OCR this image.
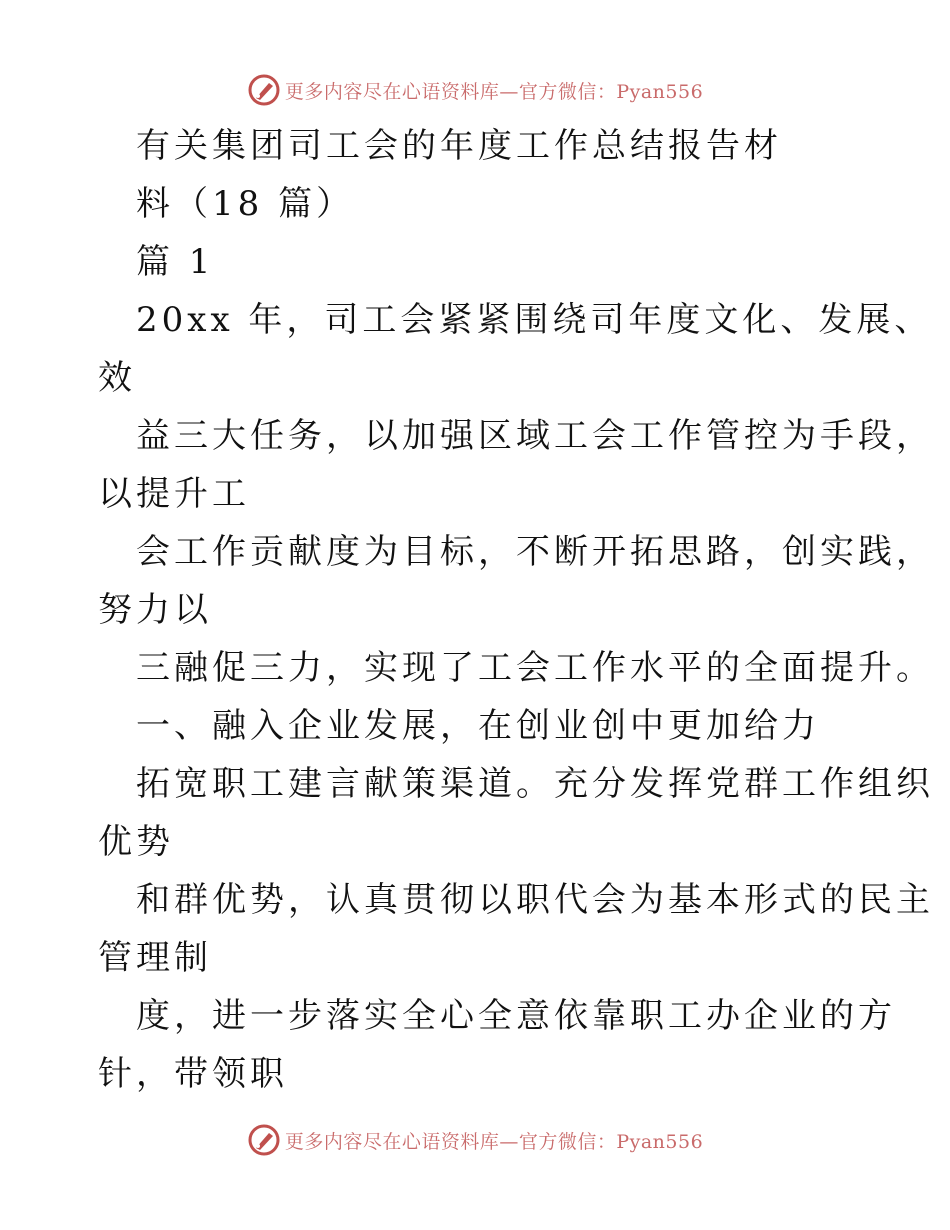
更多内容尽在心语资料库—官方微信：Pyan556
有关集团司工会的年度工作总结报告材
料（18 篇）
篇 1
20xx 年，司工会紧紧围绕司年度文化、发展、
效
益三大任务，以加强区域工会工作管控为手段，
以提升工
会工作贡献度为目标，不断开拓思路，创实践，
努力以
三融促三力，实现了工会工作水平的全面提升。
一、融入企业发展，在创业创中更加给力
拓宽职工建言献策渠道。充分发挥党群工作组织
优势
和群优势，认真贯彻以职代会为基本形式的民主
管理制
度，进一步落实全心全意依靠职工办企业的方
针，带领职
更多内容尽在心语资料库—官方微信：Pyan556
